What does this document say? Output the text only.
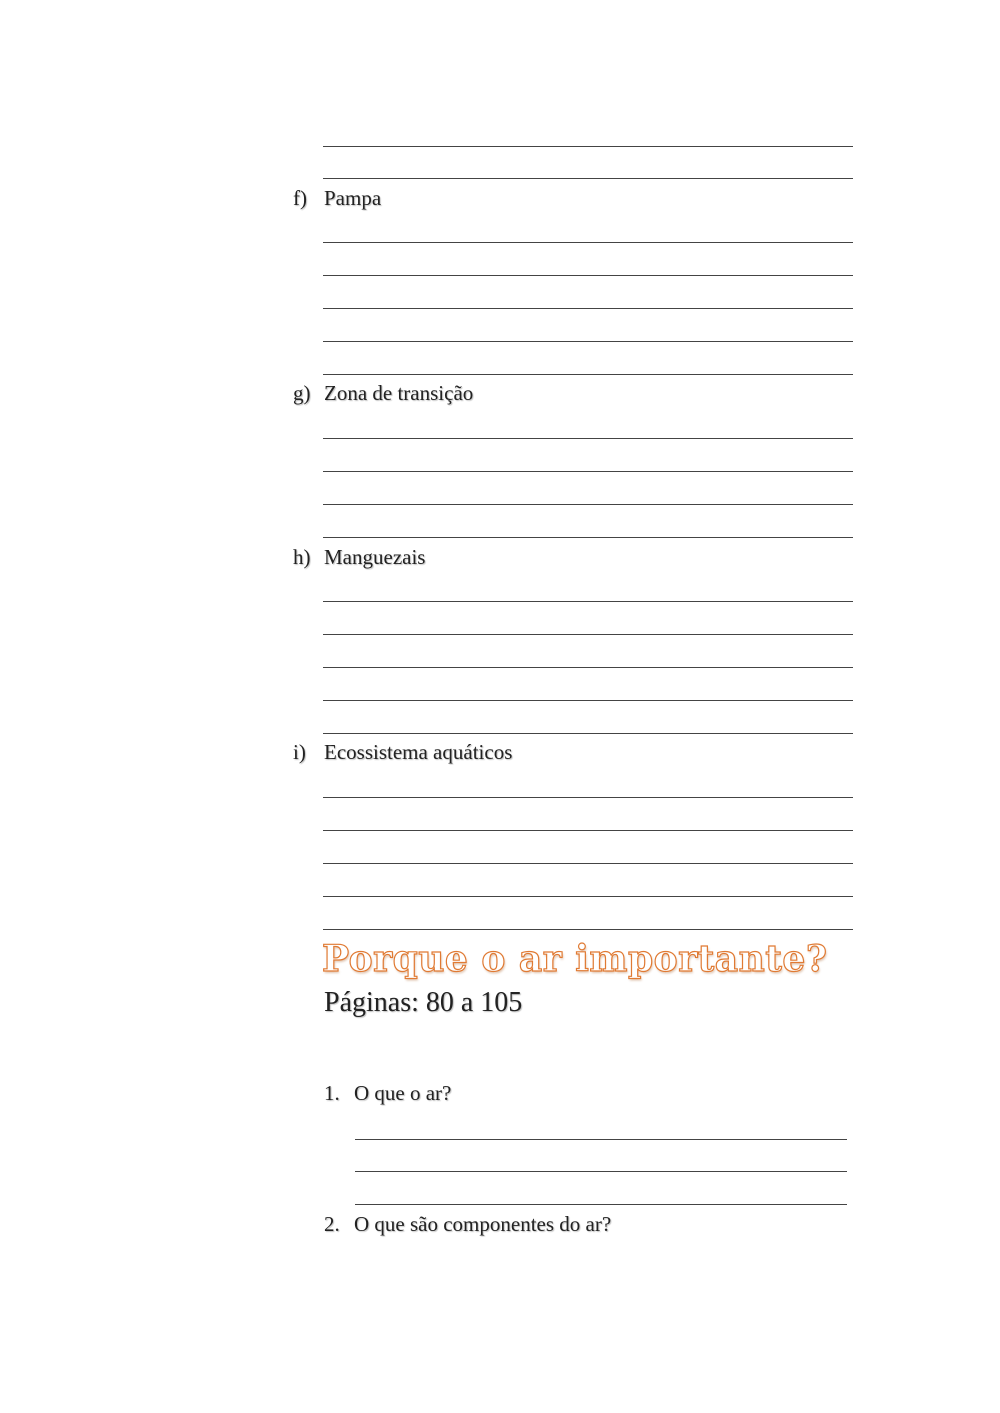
f) Pampa
g) Zona de transição
h) Manguezais
i) Ecossistema aquáticos
Porque o ar importante?
Páginas: 80 a 105
1. O que o ar?
2. O que são componentes do ar?
